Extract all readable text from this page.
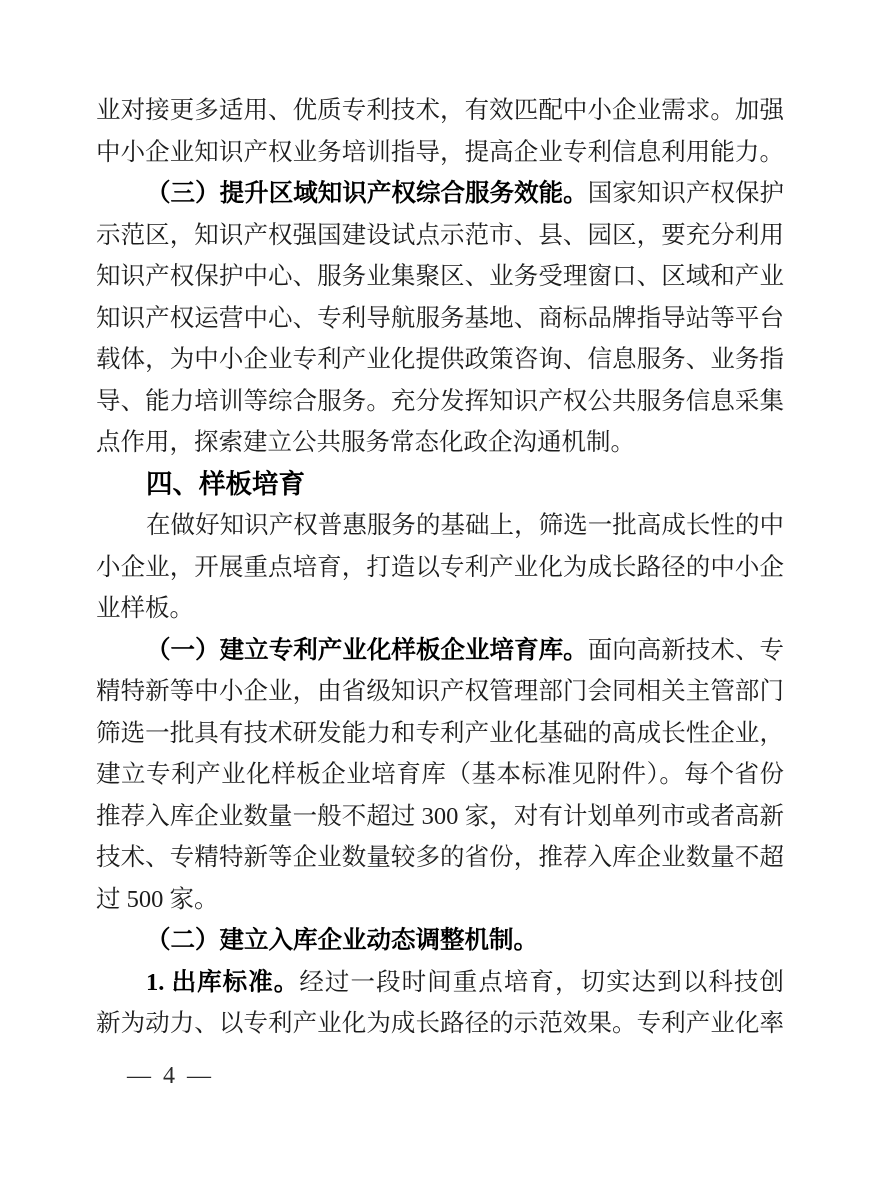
业对接更多适用、优质专利技术，有效匹配中小企业需求。加强
中小企业知识产权业务培训指导，提高企业专利信息利用能力。
（三）提升区域知识产权综合服务效能。国家知识产权保护
示范区，知识产权强国建设试点示范市、县、园区，要充分利用
知识产权保护中心、服务业集聚区、业务受理窗口、区域和产业
知识产权运营中心、专利导航服务基地、商标品牌指导站等平台
载体，为中小企业专利产业化提供政策咨询、信息服务、业务指
导、能力培训等综合服务。充分发挥知识产权公共服务信息采集
点作用，探索建立公共服务常态化政企沟通机制。
四、样板培育
在做好知识产权普惠服务的基础上，筛选一批高成长性的中
小企业，开展重点培育，打造以专利产业化为成长路径的中小企
业样板。
（一）建立专利产业化样板企业培育库。面向高新技术、专
精特新等中小企业，由省级知识产权管理部门会同相关主管部门
筛选一批具有技术研发能力和专利产业化基础的高成长性企业，
建立专利产业化样板企业培育库（基本标准见附件）。每个省份
推荐入库企业数量一般不超过 300 家，对有计划单列市或者高新
技术、专精特新等企业数量较多的省份，推荐入库企业数量不超
过 500 家。
（二）建立入库企业动态调整机制。
1. 出库标准。经过一段时间重点培育，切实达到以科技创
新为动力、以专利产业化为成长路径的示范效果。专利产业化率
— 4 —
